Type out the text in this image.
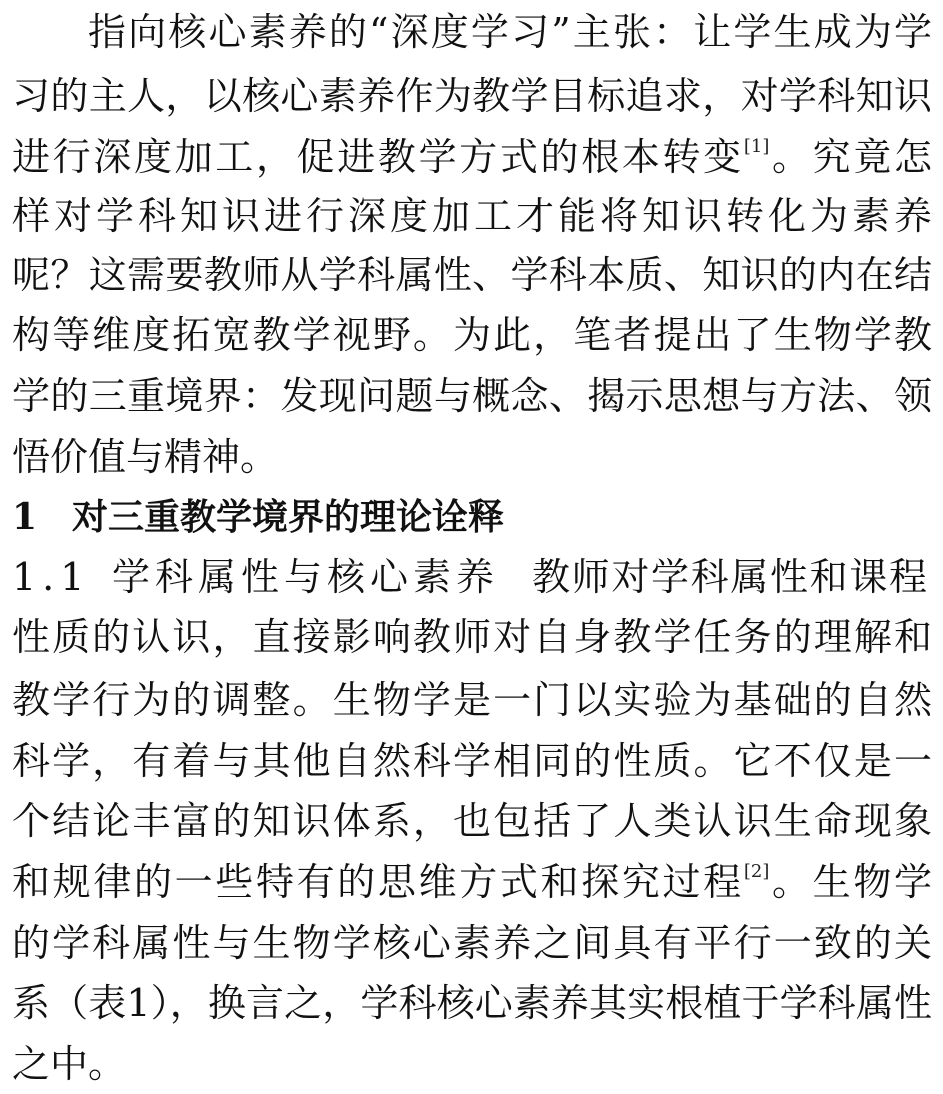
指向核心素养的“深度学习”主张：让学生成为学
习的主人，以核心素养作为教学目标追求，对学科知识
进行深度加工，促进教学方式的根本转变[1]。究竟怎
样对学科知识进行深度加工才能将知识转化为素养
呢？这需要教师从学科属性、学科本质、知识的内在结
构等维度拓宽教学视野。为此，笔者提出了生物学教
学的三重境界：发现问题与概念、揭示思想与方法、领
悟价值与精神。
1 对三重教学境界的理论诠释
1.1 学科属性与核心素养 教师对学科属性和课程
性质的认识，直接影响教师对自身教学任务的理解和
教学行为的调整。生物学是一门以实验为基础的自然
科学，有着与其他自然科学相同的性质。它不仅是一
个结论丰富的知识体系，也包括了人类认识生命现象
和规律的一些特有的思维方式和探究过程[2]。生物学
的学科属性与生物学核心素养之间具有平行一致的关
系（表1），换言之，学科核心素养其实根植于学科属性
之中。
